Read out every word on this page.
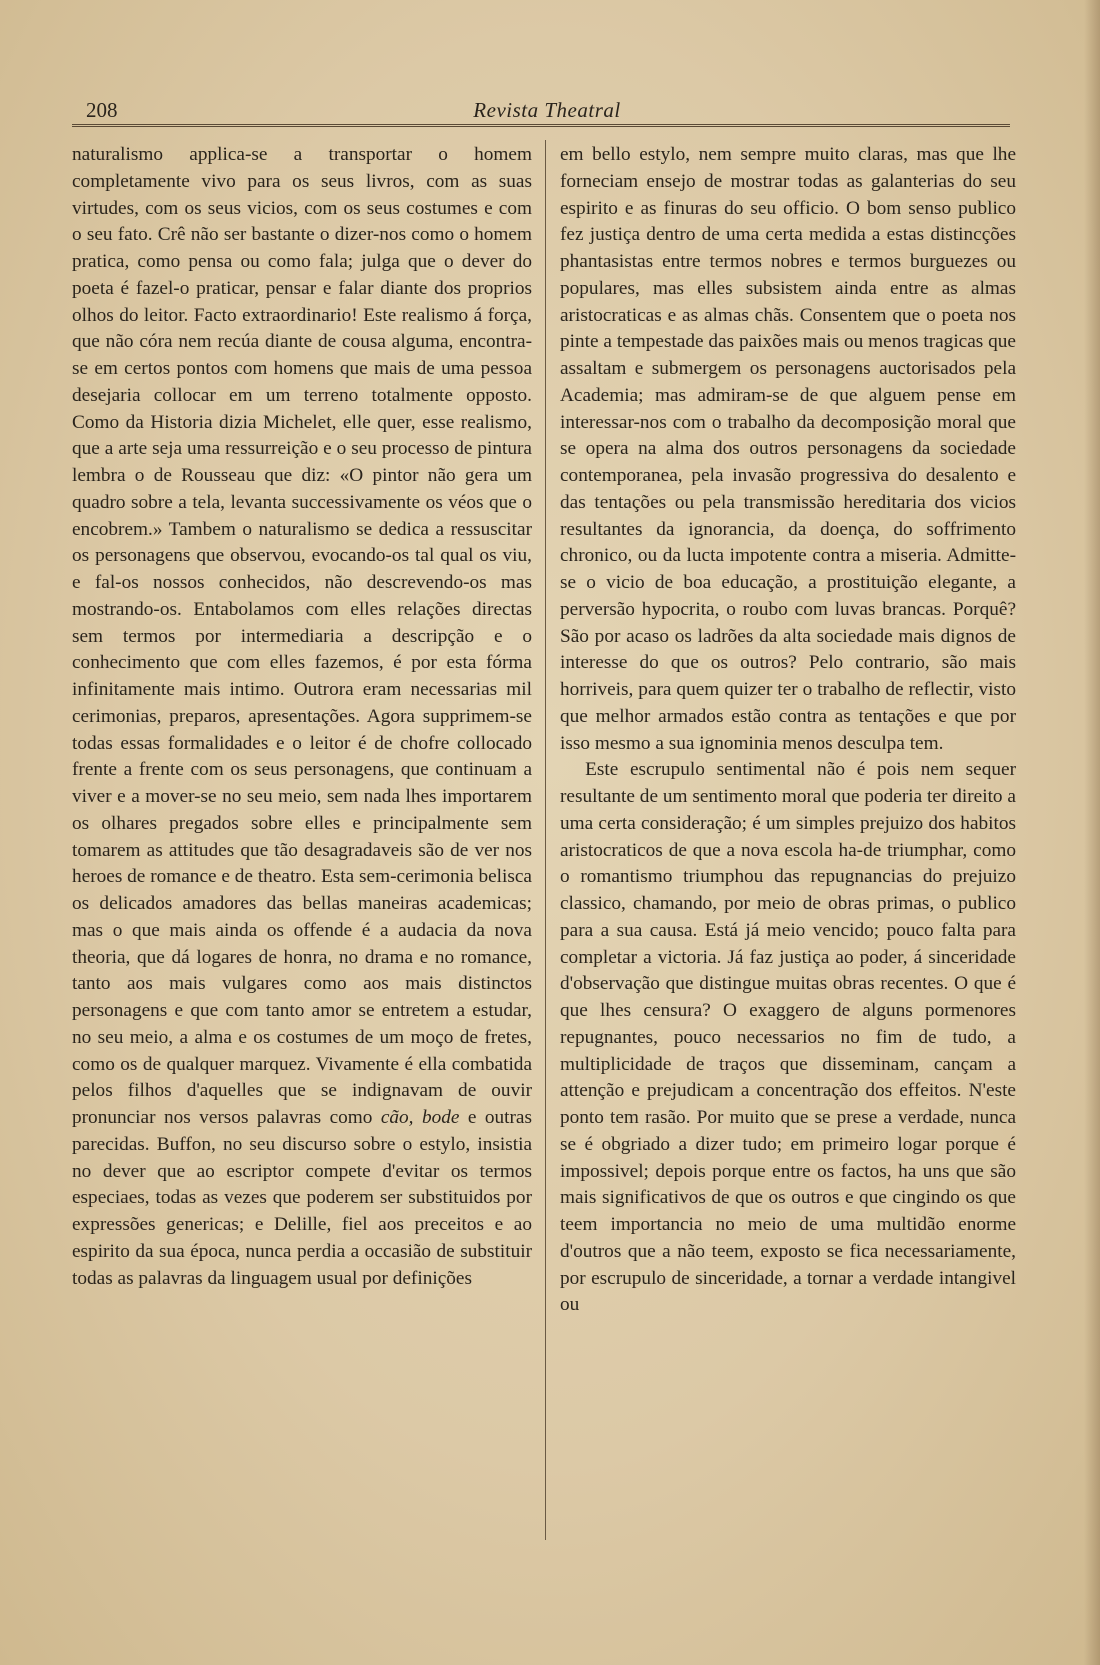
208	Revista Theatral

naturalismo applica-se a transportar o homem completamente vivo para os seus livros, com as suas virtudes, com os seus vicios, com os seus costumes e com o seu fato. Crê não ser bastante o dizer-nos como o homem pratica, como pensa ou como fala; julga que o dever do poeta é fazel-o praticar, pensar e falar diante dos proprios olhos do leitor. Facto extraordinario! Este realismo á força, que não córa nem recúa diante de cousa alguma, encontra-se em certos pontos com homens que mais de uma pessoa desejaria collocar em um terreno totalmente opposto. Como da Historia dizia Michelet, elle quer, esse realismo, que a arte seja uma ressurreição e o seu processo de pintura lembra o de Rousseau que diz: «O pintor não gera um quadro sobre a tela, levanta successivamente os véos que o encobrem.» Tambem o naturalismo se dedica a ressuscitar os personagens que observou, evocando-os tal qual os viu, e fal-os nossos conhecidos, não descrevendo-os mas mostrando-os. Entabolamos com elles relações directas sem termos por intermediaria a descripção e o conhecimento que com elles fazemos, é por esta fórma infinitamente mais intimo. Outrora eram necessarias mil cerimonias, preparos, apresentações. Agora supprimem-se todas essas formalidades e o leitor é de chofre collocado frente a frente com os seus personagens, que continuam a viver e a mover-se no seu meio, sem nada lhes importarem os olhares pregados sobre elles e principalmente sem tomarem as attitudes que tão desagradaveis são de ver nos heroes de romance e de theatro. Esta sem-cerimonia belisca os delicados amadores das bellas maneiras academicas; mas o que mais ainda os offende é a audacia da nova theoria, que dá logares de honra, no drama e no romance, tanto aos mais vulgares como aos mais distinctos personagens e que com tanto amor se entretem a estudar, no seu meio, a alma e os costumes de um moço de fretes, como os de qualquer marquez. Vivamente é ella combatida pelos filhos d'aquelles que se indignavam de ouvir pronunciar nos versos palavras como cão, bode e outras parecidas. Buffon, no seu discurso sobre o estylo, insistia no dever que ao escriptor compete d'evitar os termos especiaes, todas as vezes que poderem ser substituidos por expressões genericas; e Delille, fiel aos preceitos e ao espirito da sua época, nunca perdia a occasião de substituir todas as palavras da linguagem usual por definições

em bello estylo, nem sempre muito claras, mas que lhe forneciam ensejo de mostrar todas as galanterias do seu espirito e as finuras do seu officio. O bom senso publico fez justiça dentro de uma certa medida a estas distincções phantasistas entre termos nobres e termos burguezes ou populares, mas elles subsistem ainda entre as almas aristocraticas e as almas chãs. Consentem que o poeta nos pinte a tempestade das paixões mais ou menos tragicas que assaltam e submergem os personagens auctorisados pela Academia; mas admiram-se de que alguem pense em interessar-nos com o trabalho da decomposição moral que se opera na alma dos outros personagens da sociedade contemporanea, pela invasão progressiva do desalento e das tentações ou pela transmissão hereditaria dos vicios resultantes da ignorancia, da doença, do soffrimento chronico, ou da lucta impotente contra a miseria. Admitte-se o vicio de boa educação, a prostituição elegante, a perversão hypocrita, o roubo com luvas brancas. Porquê? São por acaso os ladrões da alta sociedade mais dignos de interesse do que os outros? Pelo contrario, são mais horriveis, para quem quizer ter o trabalho de reflectir, visto que melhor armados estão contra as tentações e que por isso mesmo a sua ignominia menos desculpa tem.

Este escrupulo sentimental não é pois nem sequer resultante de um sentimento moral que poderia ter direito a uma certa consideração; é um simples prejuizo dos habitos aristocraticos de que a nova escola ha-de triumphar, como o romantismo triumphou das repugnancias do prejuizo classico, chamando, por meio de obras primas, o publico para a sua causa. Está já meio vencido; pouco falta para completar a victoria. Já faz justiça ao poder, á sinceridade d'observação que distingue muitas obras recentes. O que é que lhes censura? O exaggero de alguns pormenores repugnantes, pouco necessarios no fim de tudo, a multiplicidade de traços que disseminam, cançam a attenção e prejudicam a concentração dos effeitos. N'este ponto tem rasão. Por muito que se prese a verdade, nunca se é obgriado a dizer tudo; em primeiro logar porque é impossivel; depois porque entre os factos, ha uns que são mais significativos de que os outros e que cingindo os que teem importancia no meio de uma multidão enorme d'outros que a não teem, exposto se fica necessariamente, por escrupulo de sinceridade, a tornar a verdade intangivel ou
